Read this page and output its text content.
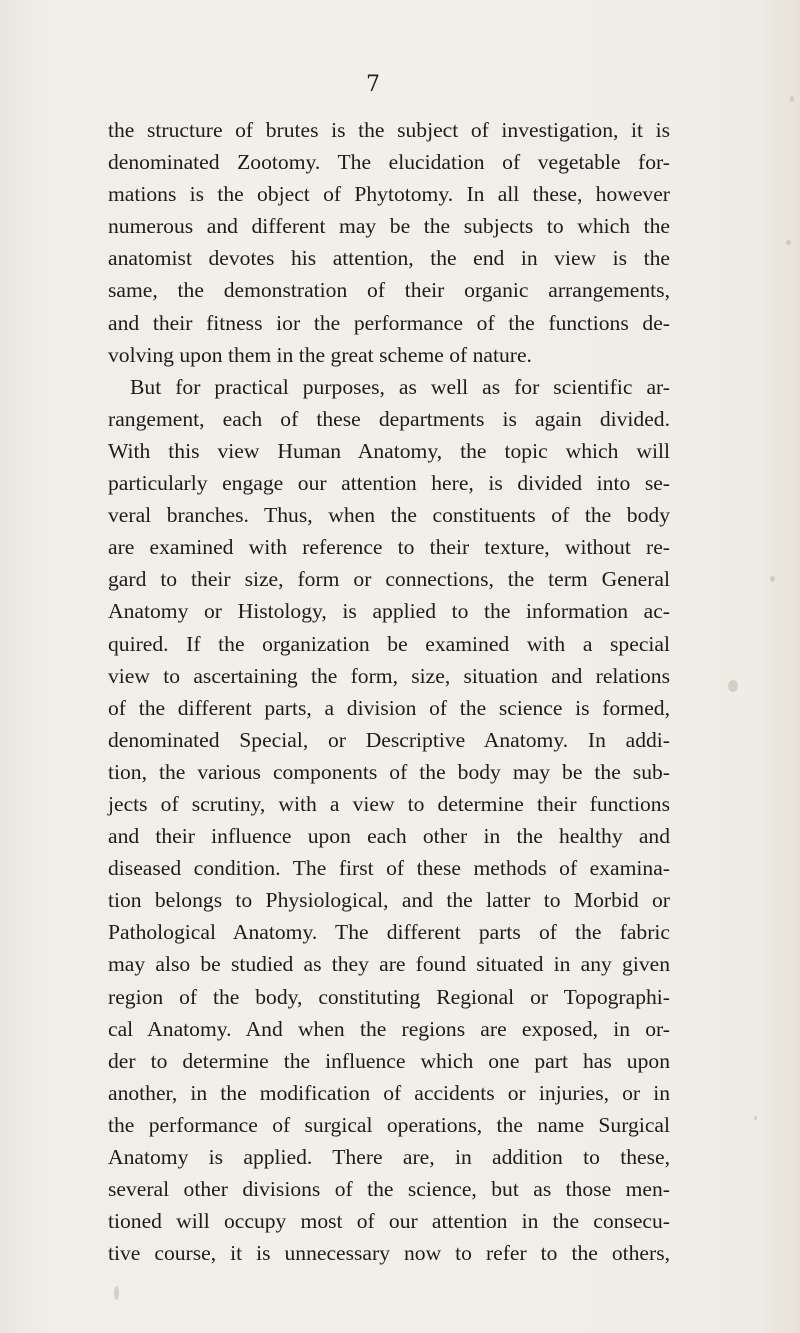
7
the structure of brutes is the subject of investigation, it is
denominated Zootomy. The elucidation of vegetable for-
mations is the object of Phytotomy. In all these, however
numerous and different may be the subjects to which the
anatomist devotes his attention, the end in view is the
same, the demonstration of their organic arrangements,
and their fitness ior the performance of the functions de-
volving upon them in the great scheme of nature.
But for practical purposes, as well as for scientific ar-
rangement, each of these departments is again divided.
With this view Human Anatomy, the topic which will
particularly engage our attention here, is divided into se-
veral branches. Thus, when the constituents of the body
are examined with reference to their texture, without re-
gard to their size, form or connections, the term General
Anatomy or Histology, is applied to the information ac-
quired. If the organization be examined with a special
view to ascertaining the form, size, situation and relations
of the different parts, a division of the science is formed,
denominated Special, or Descriptive Anatomy. In addi-
tion, the various components of the body may be the sub-
jects of scrutiny, with a view to determine their functions
and their influence upon each other in the healthy and
diseased condition. The first of these methods of examina-
tion belongs to Physiological, and the latter to Morbid or
Pathological Anatomy. The different parts of the fabric
may also be studied as they are found situated in any given
region of the body, constituting Regional or Topographi-
cal Anatomy. And when the regions are exposed, in or-
der to determine the influence which one part has upon
another, in the modification of accidents or injuries, or in
the performance of surgical operations, the name Surgical
Anatomy is applied. There are, in addition to these,
several other divisions of the science, but as those men-
tioned will occupy most of our attention in the consecu-
tive course, it is unnecessary now to refer to the others,
